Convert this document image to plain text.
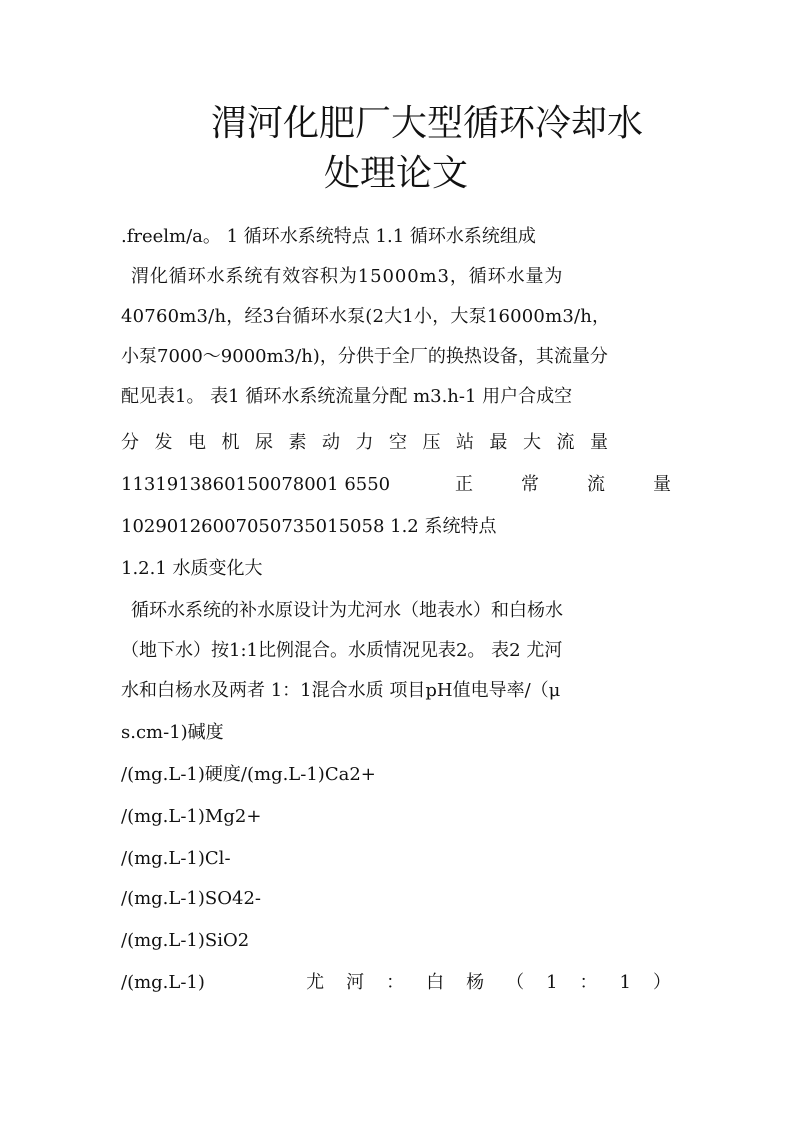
渭河化肥厂大型循环冷却水
处理论文
.freelm/a。 1 循环水系统特点 1.1 循环水系统组成
渭化循环水系统有效容积为15000m3，循环水量为
40760m3/h，经3台循环水泵(2大1小，大泵16000m3/h，
小泵7000～9000m3/h)，分供于全厂的换热设备，其流量分
配见表1。 表1 循环水系统流量分配 m3.h-1 用户合成空
分发电机尿素动力空压站最大流量
1131913860150078001 6550	正常流量
10290126007050735015058 1.2 系统特点
1.2.1 水质变化大
循环水系统的补水原设计为尤河水（地表水）和白杨水
（地下水）按1:1比例混合。水质情况见表2。 表2 尤河
水和白杨水及两者 1：1混合水质 项目pH值电导率/（μ
s.cm-1)碱度
/(mg.L-1)硬度/(mg.L-1)Ca2+
/(mg.L-1)Mg2+
/(mg.L-1)Cl-
/(mg.L-1)SO42-
/(mg.L-1)SiO2
/(mg.L-1)	尤河：白杨（1：1）
